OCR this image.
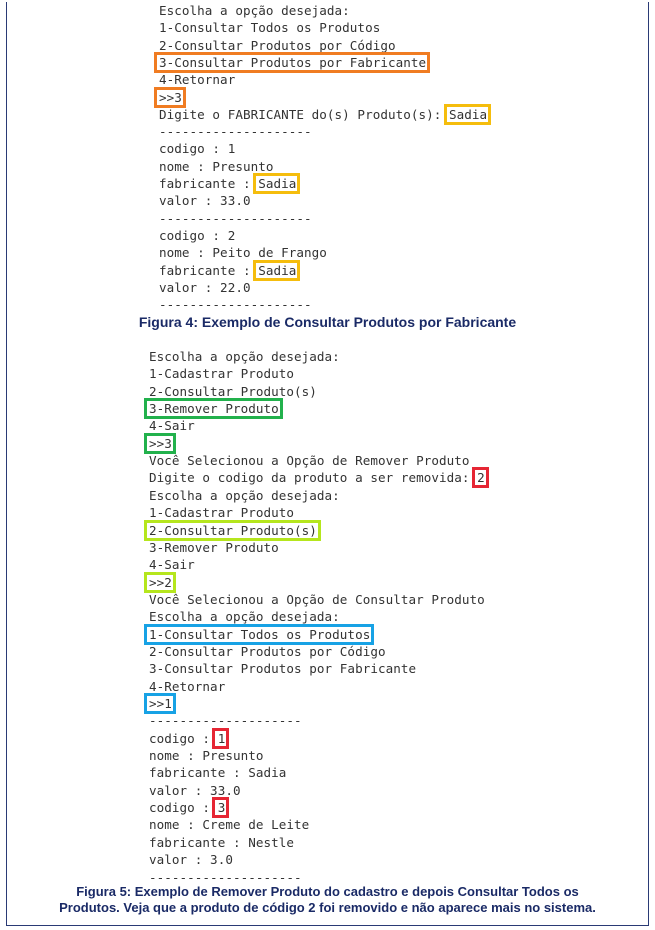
Escolha a opção desejada:
1-Consultar Todos os Produtos
2-Consultar Produtos por Código
3-Consultar Produtos por Fabricante
4-Retornar
>>3
Digite o FABRICANTE do(s) Produto(s): Sadia
--------------------
codigo : 1
nome : Presunto
fabricante : Sadia
valor : 33.0
--------------------
codigo : 2
nome : Peito de Frango
fabricante : Sadia
valor : 22.0
--------------------
Figura 4: Exemplo de Consultar Produtos por Fabricante
Escolha a opção desejada:
1-Cadastrar Produto
2-Consultar Produto(s)
3-Remover Produto
4-Sair
>>3
Você Selecionou a Opção de Remover Produto
Digite o codigo da produto a ser removida: 2
Escolha a opção desejada:
1-Cadastrar Produto
2-Consultar Produto(s)
3-Remover Produto
4-Sair
>>2
Você Selecionou a Opção de Consultar Produto
Escolha a opção desejada:
1-Consultar Todos os Produtos
2-Consultar Produtos por Código
3-Consultar Produtos por Fabricante
4-Retornar
>>1
--------------------
codigo : 1
nome : Presunto
fabricante : Sadia
valor : 33.0
codigo : 3
nome : Creme de Leite
fabricante : Nestle
valor : 3.0
--------------------
Figura 5: Exemplo de Remover Produto do cadastro e depois Consultar Todos os
Produtos. Veja que a produto de código 2 foi removido e não aparece mais no sistema.
